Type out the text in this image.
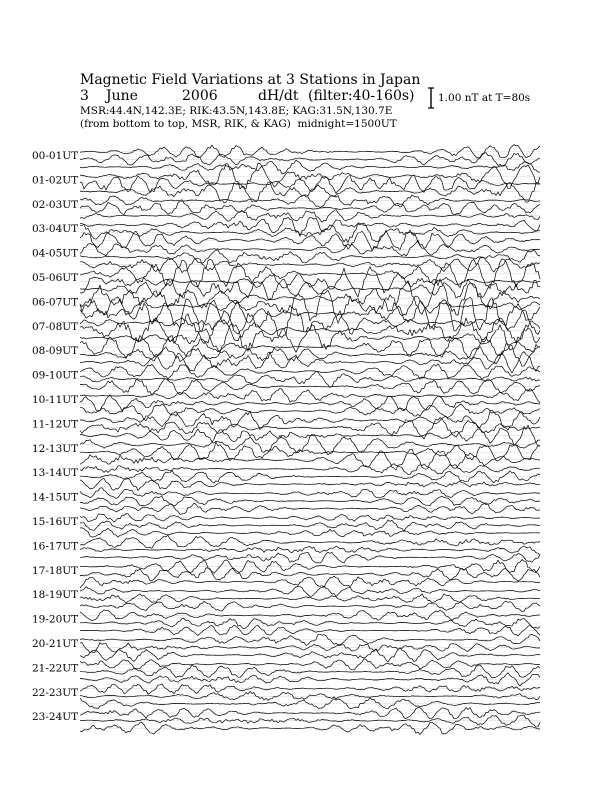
Magnetic Field Variations at 3 Stations in Japan
3 June	2006	dH/dt (filter:40-160s)
MSR:44.4N,142.3E; RIK:43.5N,143.8E; KAG:31.5N,130.7E
(from bottom to top, MSR, RIK, & KAG) midnight=1500UT
1.00 nT at T=80s
00-01UT
01-02UT
02-03UT
03-04UT
04-05UT
05-06UT
06-07UT
07-08UT
08-09UT
09-10UT
10-11UT
11-12UT
12-13UT
13-14UT
14-15UT
15-16UT
16-17UT
17-18UT
18-19UT
19-20UT
20-21UT
21-22UT
22-23UT
23-24UT
